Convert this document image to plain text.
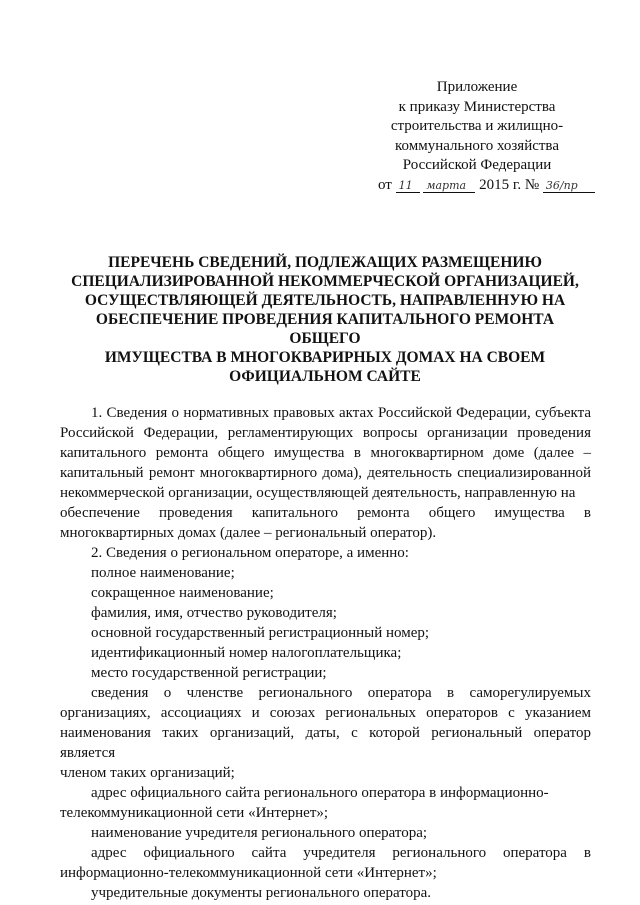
Приложение
к приказу Министерства
строительства и жилищно-
коммунального хозяйства
Российской Федерации
от 11 марта 2015 г. № 36/пр
ПЕРЕЧЕНЬ СВЕДЕНИЙ, ПОДЛЕЖАЩИХ РАЗМЕЩЕНИЮ
СПЕЦИАЛИЗИРОВАННОЙ НЕКОММЕРЧЕСКОЙ ОРГАНИЗАЦИЕЙ,
ОСУЩЕСТВЛЯЮЩЕЙ ДЕЯТЕЛЬНОСТЬ, НАПРАВЛЕННУЮ НА
ОБЕСПЕЧЕНИЕ ПРОВЕДЕНИЯ КАПИТАЛЬНОГО РЕМОНТА ОБЩЕГО
ИМУЩЕСТВА В МНОГОКВАРИРНЫХ ДОМАХ НА СВОЕМ
ОФИЦИАЛЬНОМ САЙТЕ

1. Сведения о нормативных правовых актах Российской Федерации, субъекта Российской Федерации, регламентирующих вопросы организации проведения капитального ремонта общего имущества в многоквартирном доме (далее – капитальный ремонт многоквартирного дома), деятельность специализированной некоммерческой организации, осуществляющей деятельность, направленную на

обеспечение проведения капитального ремонта общего имущества в

многоквартирных домах (далее – региональный оператор).

2. Сведения о региональном операторе, а именно:

полное наименование;

сокращенное наименование;

фамилия, имя, отчество руководителя;

основной государственный регистрационный номер;

идентификационный номер налогоплательщика;

место государственной регистрации;

сведения о членстве регионального оператора в саморегулируемых

организациях, ассоциациях и союзах региональных операторов с указанием наименования таких организаций, даты, с которой региональный оператор является

членом таких организаций;

адрес официального сайта регионального оператора в информационно-

телекоммуникационной сети «Интернет»;

наименование учредителя регионального оператора;

адрес официального сайта учредителя регионального оператора в

информационно-телекоммуникационной сети «Интернет»;

учредительные документы регионального оператора.
